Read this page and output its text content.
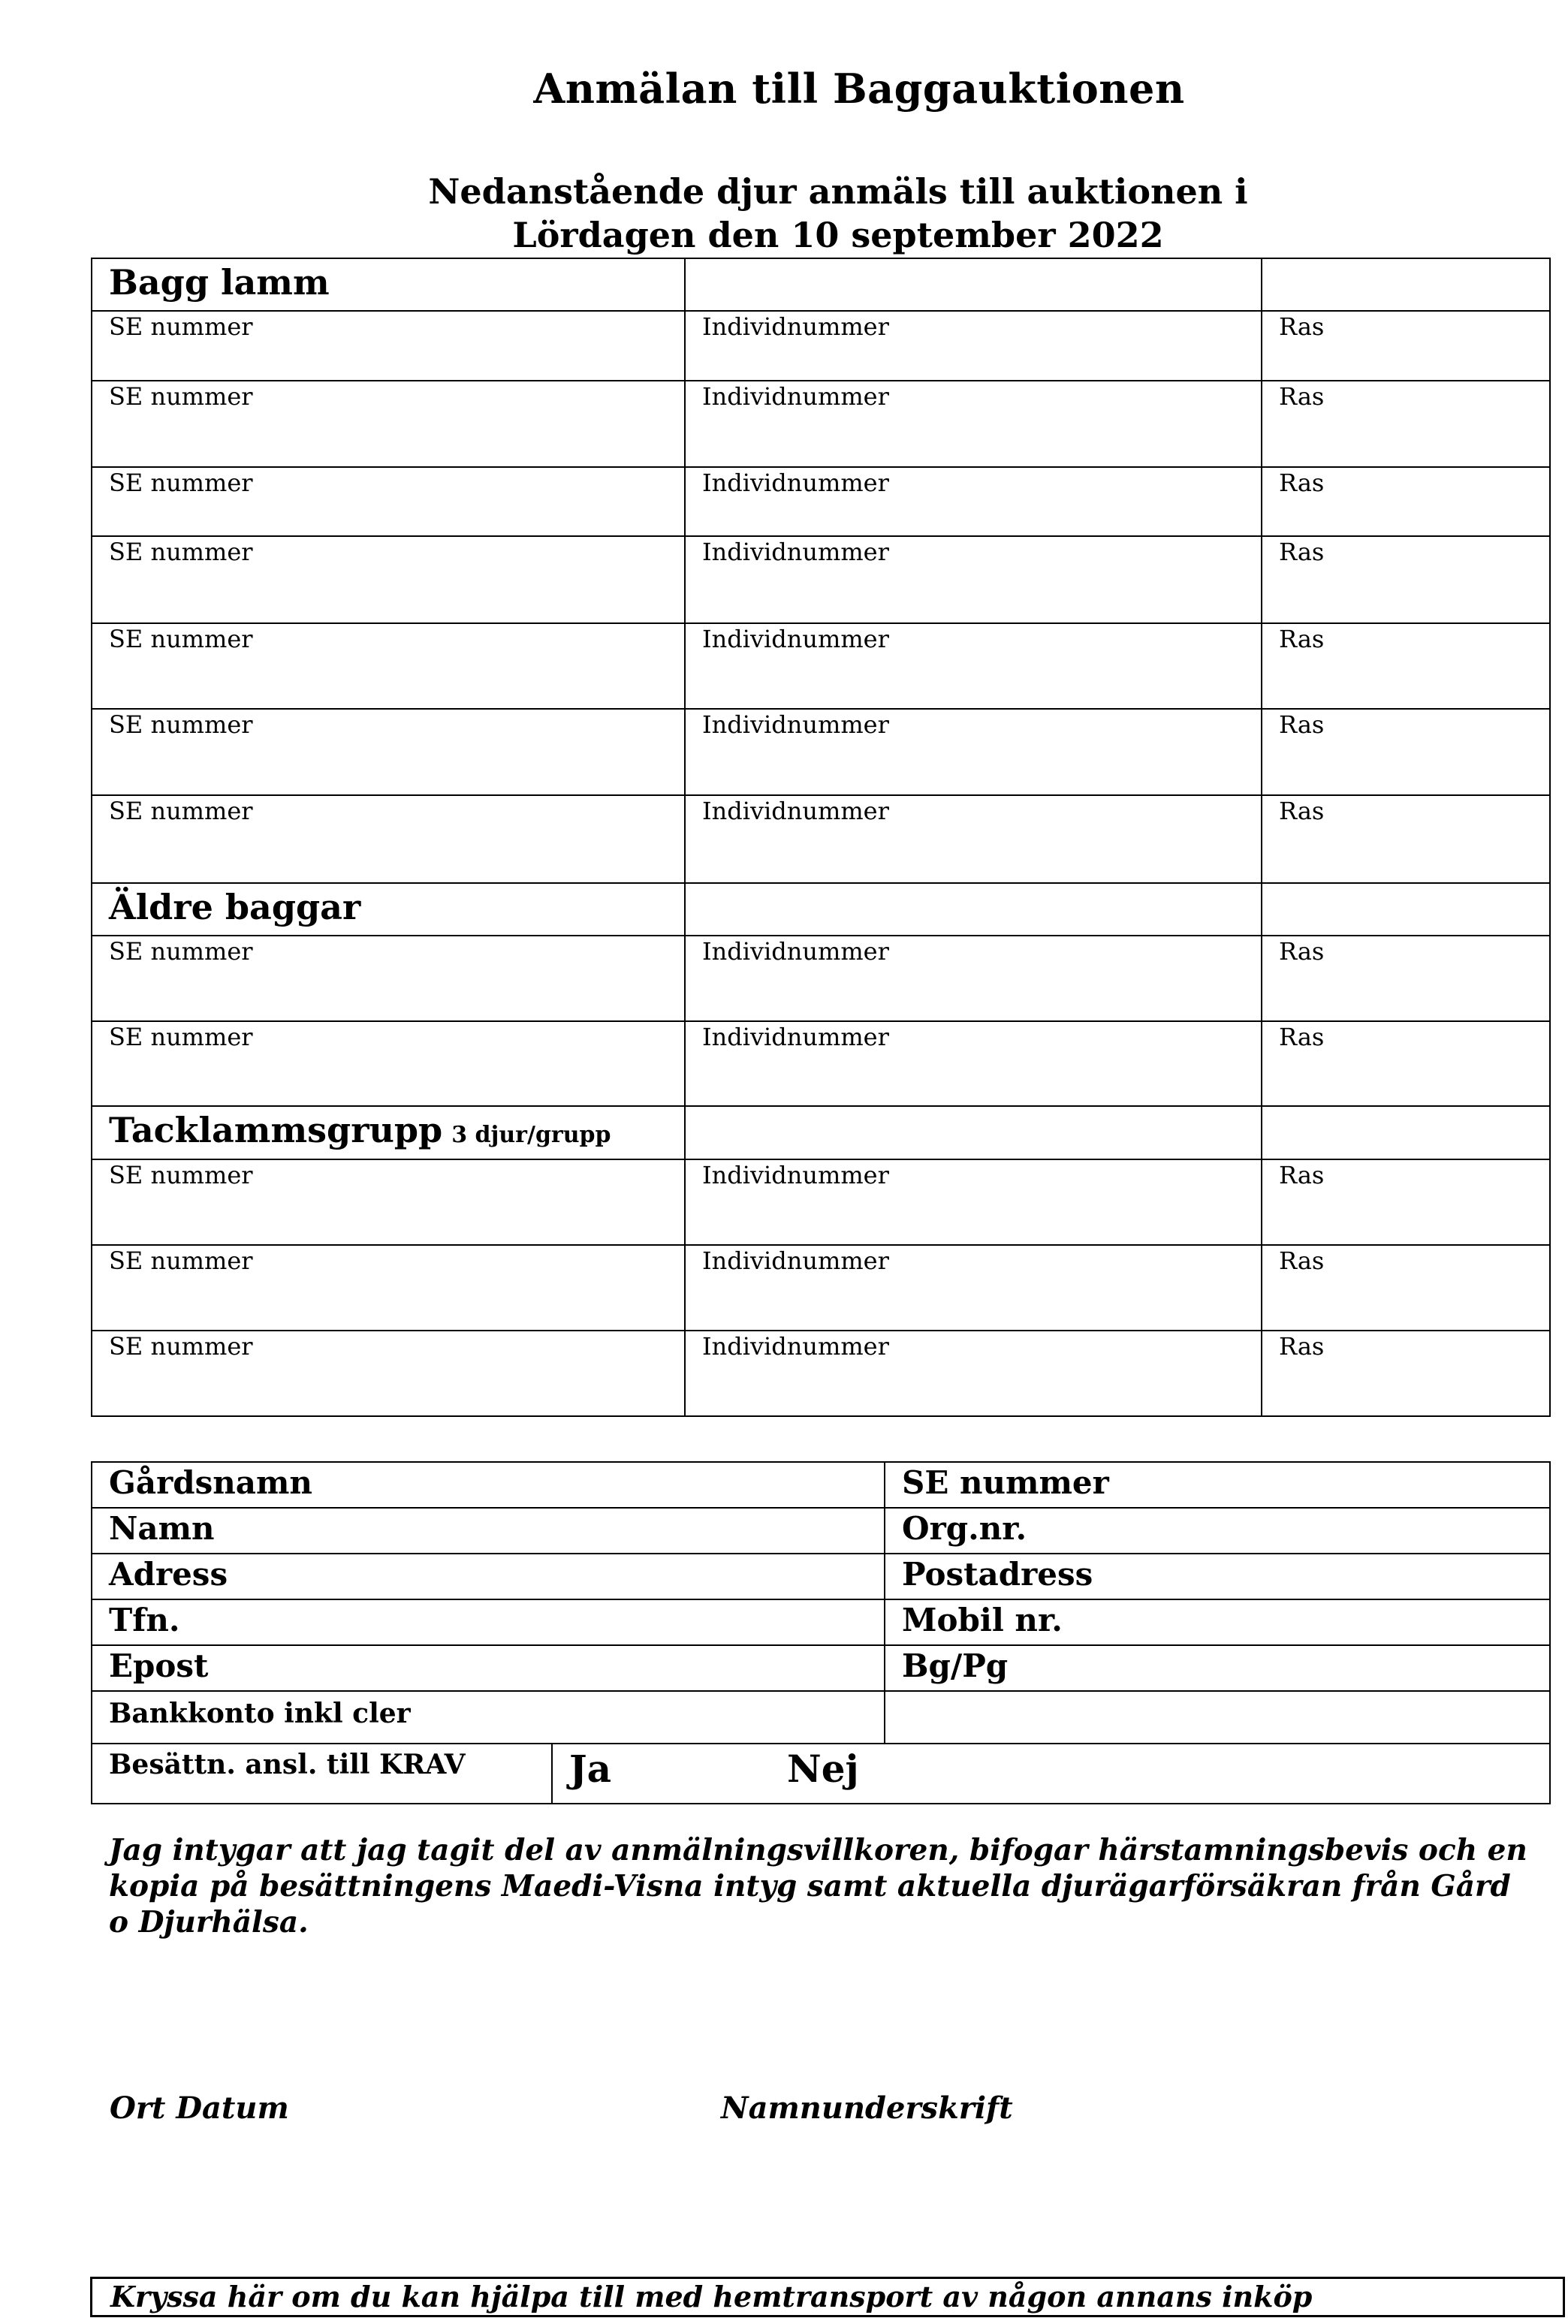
Anmälan till Baggauktionen
Nedanstående djur anmäls till auktionen i
Lördagen den 10 september 2022
Bagg lamm		
SE nummer	Individnummer	Ras
SE nummer	Individnummer	Ras
SE nummer	Individnummer	Ras
SE nummer	Individnummer	Ras
SE nummer	Individnummer	Ras
SE nummer	Individnummer	Ras
SE nummer	Individnummer	Ras
Äldre baggar		
SE nummer	Individnummer	Ras
SE nummer	Individnummer	Ras
Tacklammsgrupp 3 djur/grupp		
SE nummer	Individnummer	Ras
SE nummer	Individnummer	Ras
SE nummer	Individnummer	Ras
Gårdsnamn		SE nummer
Namn		Org.nr.
Adress		Postadress
Tfn.		Mobil nr.
Epost		Bg/Pg
Bankkonto inkl cler		
Besättn. ansl. till KRAV	Ja Nej	
Jag intygar att jag tagit del av anmälningsvillkoren, bifogar härstamningsbevis och en kopia på besättningens Maedi-Visna intyg samt aktuella djurägarförsäkran från Gård o Djurhälsa.
Ort Datum	Namnunderskrift
Kryssa här om du kan hjälpa till med hemtransport av någon annans inköp
